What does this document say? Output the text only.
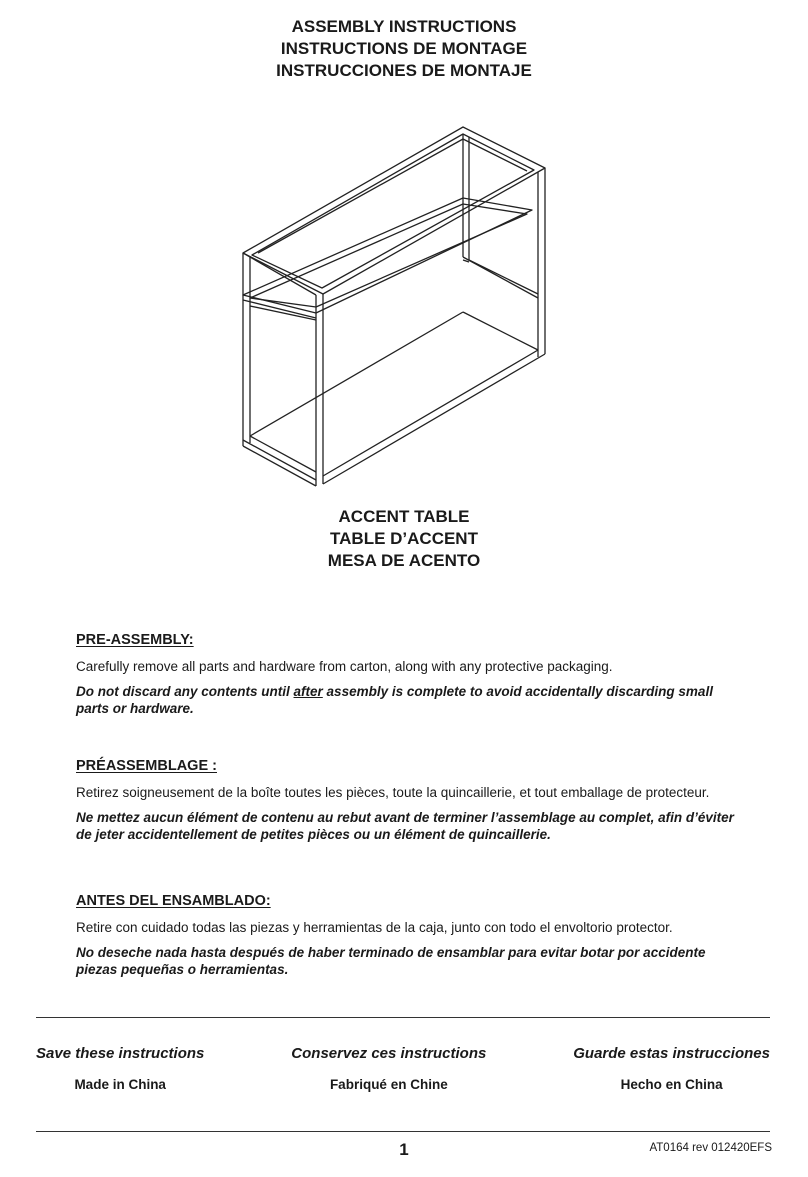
ASSEMBLY INSTRUCTIONS
INSTRUCTIONS DE MONTAGE
INSTRUCCIONES DE MONTAJE
ACCENT TABLE
TABLE D’ACCENT
MESA DE ACENTO
PRE-ASSEMBLY:

Carefully remove all parts and hardware from carton, along with any protective packaging.

Do not discard any contents until after assembly is complete to avoid accidentally discarding small parts or hardware.

PRÉASSEMBLAGE :

Retirez soigneusement de la boîte toutes les pièces, toute la quincaillerie, et tout emballage de protecteur.

Ne mettez aucun élément de contenu au rebut avant de terminer l’assemblage au complet, afin d’éviter de jeter accidentellement de petites pièces ou un élément de quincaillerie.

ANTES DEL ENSAMBLADO:

Retire con cuidado todas las piezas y herramientas de la caja, junto con todo el envoltorio protector.

No deseche nada hasta después de haber terminado de ensamblar para evitar botar por accidente piezas pequeñas o herramientas.

Save these instructions
Made in China
Conservez ces instructions
Fabriqué en Chine
Guarde estas instrucciones
Hecho en China
1	AT0164 rev 012420EFS
